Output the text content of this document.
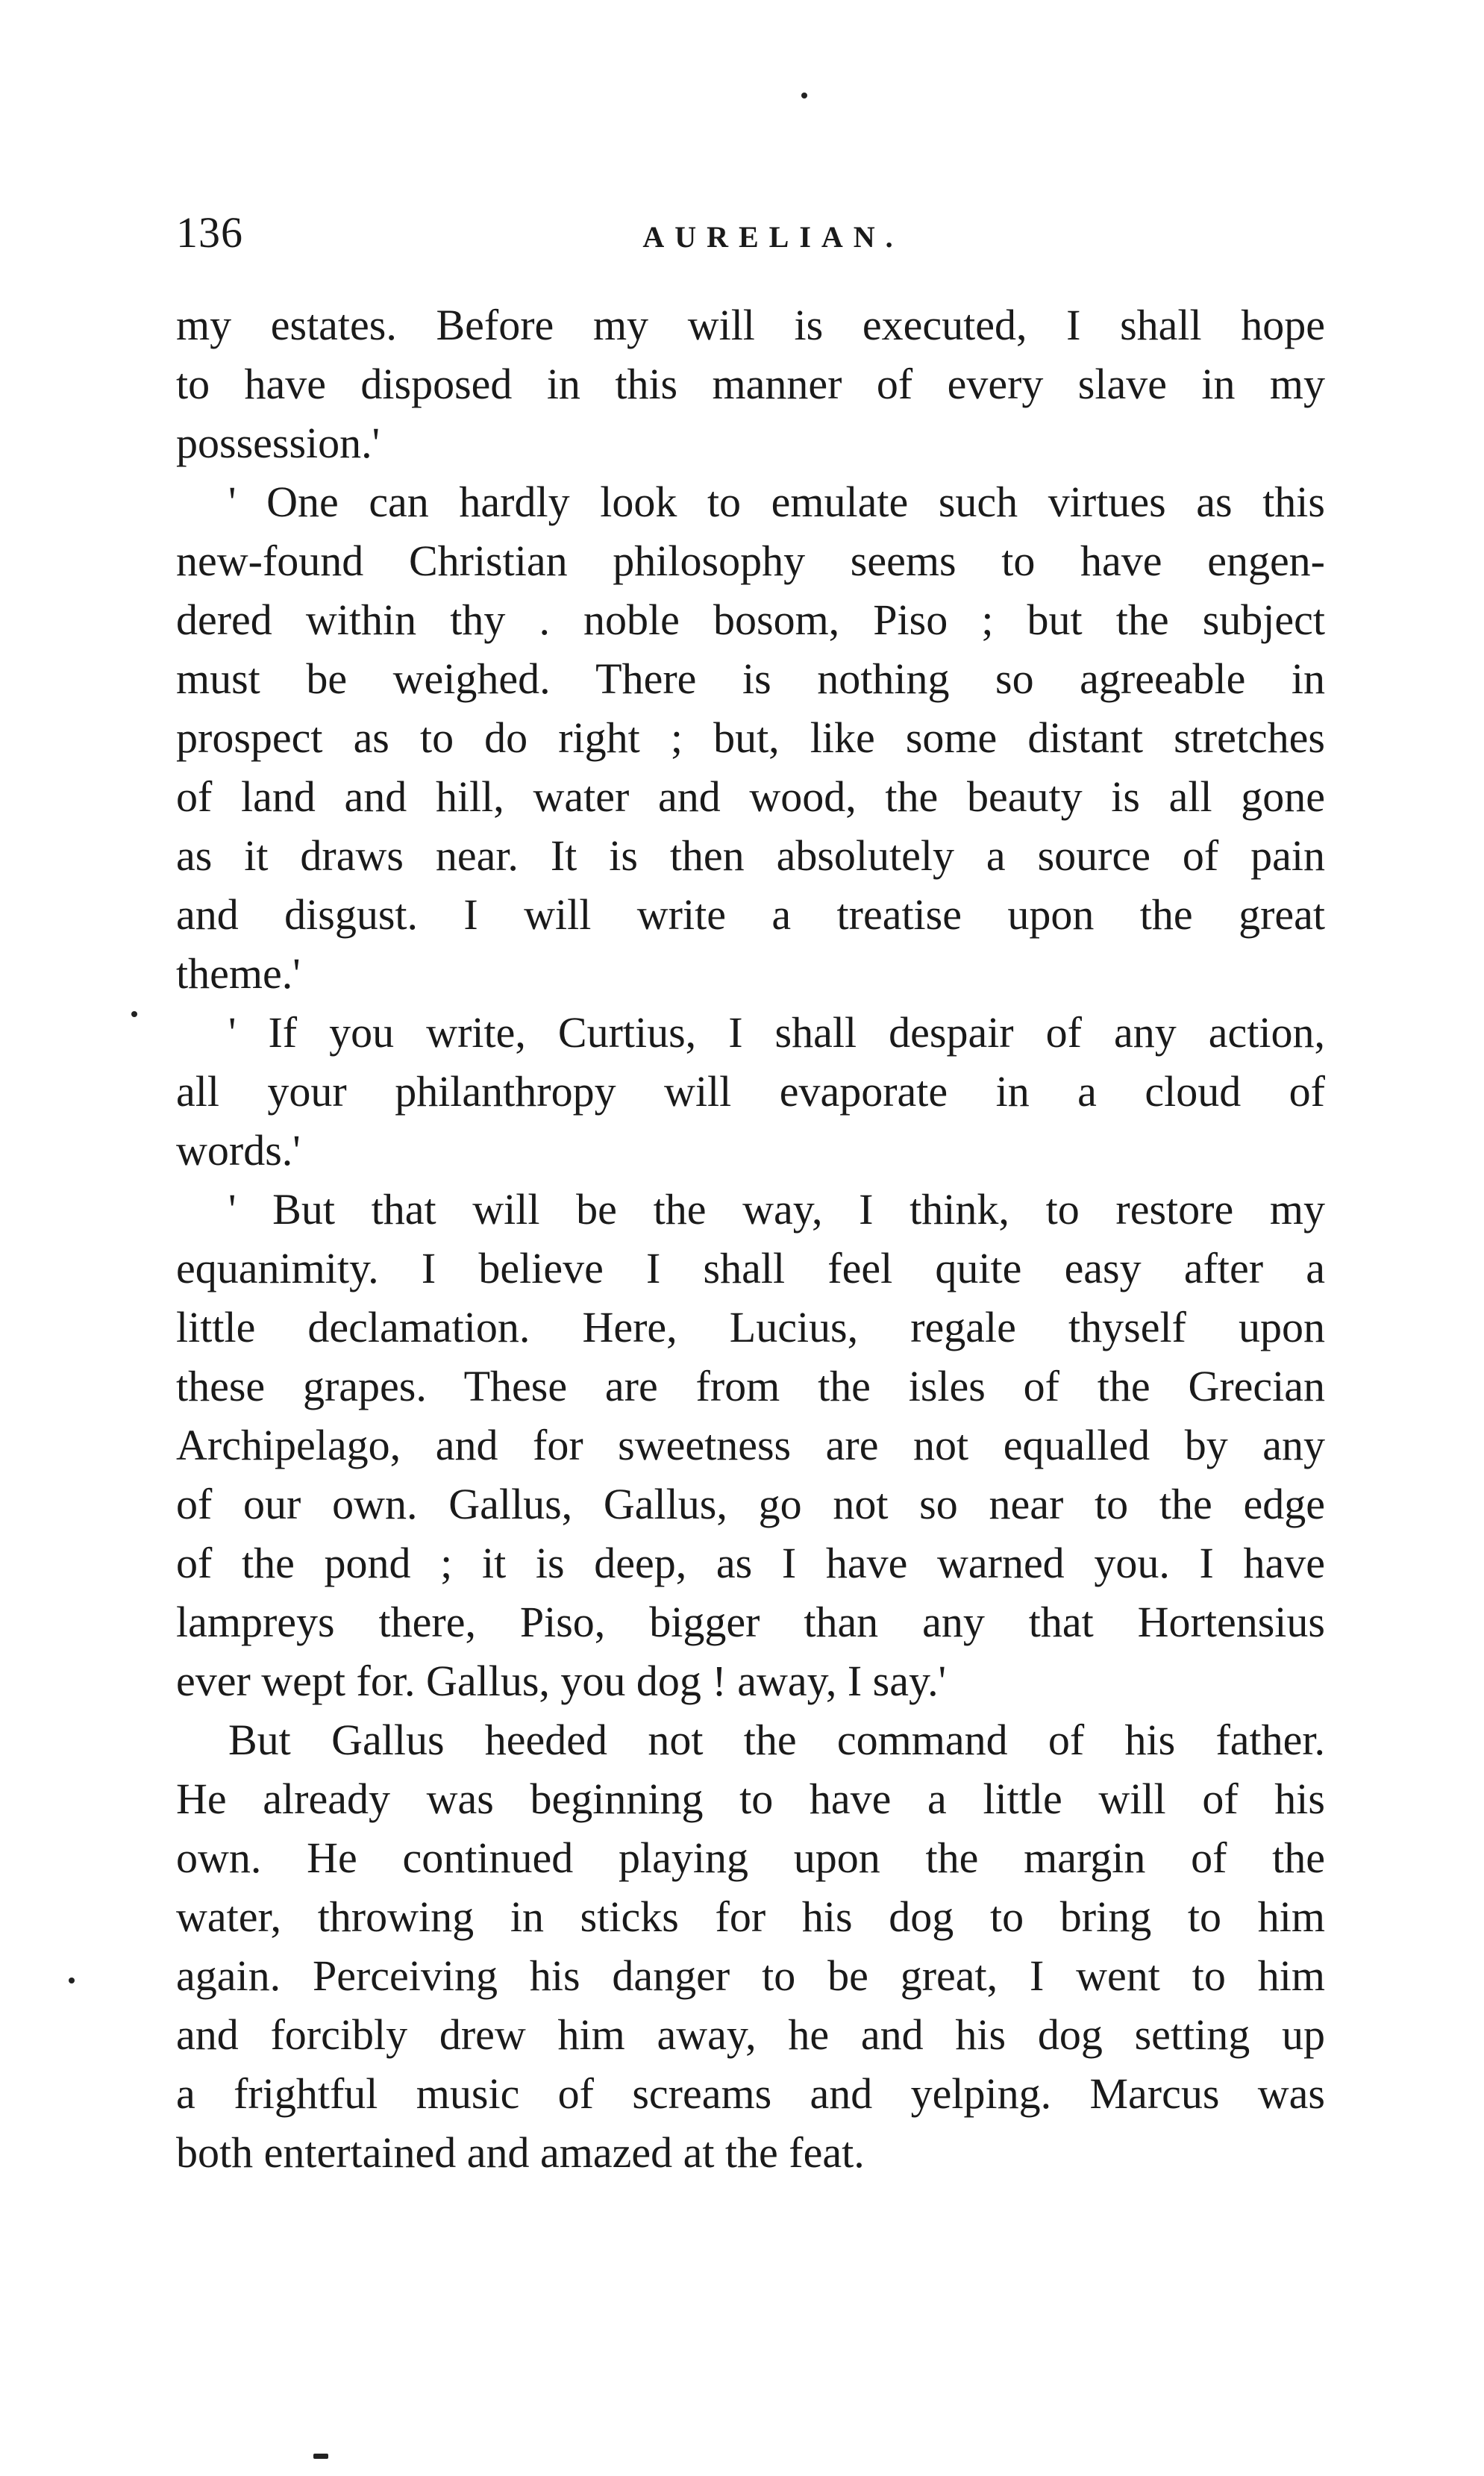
136	AURELIAN.
my estates. Before my will is executed, I shall hope
to have disposed in this manner of every slave in my
possession.'
' One can hardly look to emulate such virtues as this
new-found Christian philosophy seems to have engen-
dered within thy . noble bosom, Piso ; but the subject
must be weighed. There is nothing so agreeable in
prospect as to do right ; but, like some distant stretches
of land and hill, water and wood, the beauty is all gone
as it draws near. It is then absolutely a source of pain
and disgust. I will write a treatise upon the great
theme.'
' If you write, Curtius, I shall despair of any action,
all your philanthropy will evaporate in a cloud of
words.'
' But that will be the way, I think, to restore my
equanimity. I believe I shall feel quite easy after a
little declamation. Here, Lucius, regale thyself upon
these grapes. These are from the isles of the Grecian
Archipelago, and for sweetness are not equalled by any
of our own. Gallus, Gallus, go not so near to the edge
of the pond ; it is deep, as I have warned you. I have
lampreys there, Piso, bigger than any that Hortensius
ever wept for. Gallus, you dog ! away, I say.'
But Gallus heeded not the command of his father.
He already was beginning to have a little will of his
own. He continued playing upon the margin of the
water, throwing in sticks for his dog to bring to him
again. Perceiving his danger to be great, I went to him
and forcibly drew him away, he and his dog setting up
a frightful music of screams and yelping. Marcus was
both entertained and amazed at the feat.
